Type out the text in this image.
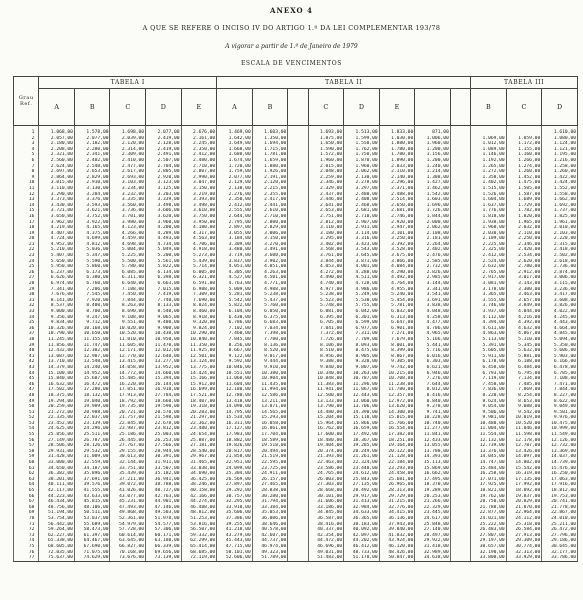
ANEXO 4
A QUE SE REFERE O INCISO IV DO ARTIGO 1.º DA LEI COMPLEMENTAR 193/78
A vigorar a partir de 1.º de Janeiro de 1979
ESCALA DE VENCIMENTOS
Grau
Ref.	TABELA I					TABELA II								TABELA III		
	A	B	C	D	E	A	B		C	D	E			B	C	D
1	1.068,00	1.578,00	1.698,00	2.077,00	2.676,00	1.469,00	1.603,00		1.693,00	1.513,00	1.833,00	871,00				1.610,00
2	2.057,00	2.077,00	2.039,00	2.419,00	2.161,00	1.642,00	1.350,00		1.875,00	1.599,00	1.030,00	1.006,00		1.069,00	1.059,00	1.080,00
3	2.180,00	2.182,00	2.120,00	2.128,00	2.245,00	1.649,00	1.694,00		1.650,00	1.550,00	1.880,00	1.960,00		1.012,00	1.172,00	1.124,00
4	2.208,00	2.280,00	2.314,00	2.419,00	2.350,00	1.668,00	1.715,00		1.590,00	1.762,00	1.780,00	1.200,00		1.089,00	1.155,00	1.121,00
5	2.321,00	2.341,00	2.309,00	2.491,00	2.412,00	1.680,00	1.781,00		1.572,00	1.750,00	1.780,00	1.156,00		1.146,00	1.160,00	1.195,00
6	2.560,00	2.402,00	2.410,00	2.507,00	2.480,00	1.674,00	1.659,00		1.960,00	1.870,00	1.890,00	1.200,00		1.192,00	1.266,00	1.216,00
7	2.624,00	2.540,00	2.477,00	2.704,00	2.710,00	1.720,00	1.880,00		2.015,00	1.960,00	2.033,00	1.240,00		1.265,00	1.274,00	1.258,00
8	2.697,00	2.653,00	2.617,00	2.805,00	2.807,00	1.759,00	1.926,00		2.048,00	2.062,00	2.110,00	1.214,00		1.272,00	1.260,00	1.260,00
9	2.864,00	2.829,00	2.693,00	2.920,00	2.990,00	2.077,00	2.191,00		2.259,00	2.130,00	2.140,00	1.308,00		1.358,00	1.452,00	1.422,00
10	3.015,00	2.910,00	3.103,00	3.123,00	3.047,00	2.129,00	2.120,00		2.346,00	2.278,00	2.296,00	1.427,00		1.402,00	1.475,00	1.424,00
11	3.110,00	3.130,00	3.234,00	3.125,00	3.150,00	2.138,00	2.215,00		2.329,00	3.297,00	2.371,00	1.462,00		1.515,00	1.505,00	1.552,00
12	3.290,00	3.284,00	3.232,00	3.203,00	3.219,00	2.276,00	2.355,00		2.437,00	2.480,00	2.488,00	1.542,00		1.526,00	1.587,00	1.558,00
13	3.373,00	3.376,00	3.335,00	3.339,00	3.393,00	2.350,00	2.417,00		2.446,00	2.408,00	2.514,00	1.603,00		1.604,00	1.689,00	1.662,00
14	3.430,00	3.593,00	3.560,00	3.498,00	3.498,00	2.412,00	2.441,00		2.641,00	2.468,00	2.650,00	1.696,00		1.637,00	1.729,00	1.692,00
15	3.721,00	3.621,00	3.736,00	3.606,00	3.610,00	2.555,00	2.610,00		2.653,00	2.681,00	2.681,00	1.726,00		1.776,00	1.782,00	1.737,00
16	3.650,00	3.752,00	3.701,00	3.620,00	3.750,00	2.644,00	2.710,00		2.751,00	2.710,00	2.746,00	1.844,00		1.818,00	1.820,00	1.825,00
17	3.962,00	3.922,00	3.980,00	3.960,00	3.950,00	2.795,00	2.800,00		2.812,00	2.907,00	2.920,00	2.000,00		1.938,00	1.965,00	1.961,00
18	4.219,00	4.165,00	4.123,00	4.200,00	4.180,00	2.897,00	2.829,00		3.110,00	2.911,00	2.947,00	2.062,00		1.968,00	2.032,00	2.010,00
19	4.407,00	4.375,00	4.266,00	4.289,00	4.317,00	3.055,00	3.006,00		3.180,00	3.114,00	3.101,00	2.108,00		2.030,00	2.110,00	2.103,00
20	4.724,00	4.699,00	4.459,00	4.493,00	4.563,00	3.184,00	3.150,00		3.295,00	3.316,00	3.250,00	2.181,00		2.109,00	2.250,00	2.220,00
21	4.952,00	4.812,00	4.698,00	4.734,00	4.706,00	3.309,00	3.270,00		3.402,00	3.423,00	3.392,00	2.264,00		2.225,00	2.346,00	2.315,00
22	5.210,00	5.036,00	5.004,00	5.049,00	4.918,00	3.480,00	3.491,00		3.568,00	3.543,00	3.528,00	2.402,00		2.325,00	2.420,00	2.418,00
23	5.407,00	5.347,00	5.225,00	5.200,00	5.273,00	3.719,00	3.600,00		3.761,00	3.645,00	3.675,00	2.476,00		2.412,00	2.534,00	2.502,00
24	5.650,00	5.590,00	5.500,00	5.561,00	5.439,00	3.837,00	3.902,00		3.844,00	3.871,00	3.866,00	2.585,00		2.524,00	2.620,00	2.618,00
25	5.950,00	5.860,00	5.780,00	5.822,00	5.714,00	4.051,00	4.051,00		4.053,00	4.001,00	4.084,00	2.732,00		2.632,00	2.780,00	2.736,00
26	6.237,00	6.173,00	6.085,00	6.134,00	6.005,00	4.305,00	4.263,00		4.272,00	4.288,00	4.290,00	2.826,00		2.765,00	2.912,00	2.874,00
27	6.626,00	6.380,00	6.311,00	6.398,00	6.321,00	4.527,00	4.501,00		4.490,00	4.511,00	4.492,00	2.985,00		2.917,00	3.017,00	3.006,00
28	6.974,00	6.760,00	6.640,00	6.663,00	6.591,00	4.763,00	4.771,00		4.740,00	4.728,00	4.764,00	3.144,00		3.081,00	3.143,00	3.115,00
29	7.341,00	7.206,00	7.188,00	7.015,00	6.988,00	5.009,00	4.988,00		4.977,00	4.986,00	4.955,00	3.341,00		3.178,00	3.300,00	3.236,00
30	7.676,00	7.545,00	7.450,00	7.419,00	7.309,00	5.281,00	5.238,00		5.238,00	5.249,00	5.240,00	3.541,00		3.365,00	3.463,00	3.417,00
31	8.141,00	7.920,00	7.844,00	7.740,00	7.690,00	5.542,00	5.437,00		5.523,00	5.530,00	5.454,00	3.691,00		3.555,00	3.657,00	3.608,00
32	8.537,00	8.400,00	8.263,00	8.133,00	8.024,00	5.822,00	5.760,00		5.748,00	5.755,00	5.781,00	3.838,00		3.746,00	3.849,00	3.826,00
33	9.000,00	8.700,00	8.690,00	8.540,00	8.460,00	6.104,00	6.050,00		6.081,00	6.042,00	6.032,00	4.048,00		3.937,00	4.044,00	4.022,00
34	9.356,00	9.247,00	9.108,00	9.065,00	8.918,00	6.430,00	6.375,00		6.395,00	6.301,00	6.313,00	4.258,00		4.112,00	4.216,00	4.245,00
35	9.834,00	9.712,00	9.551,00	9.480,00	9.320,00	6.786,00	6.683,00		6.705,00	6.599,00	6.647,00	4.477,00		4.394,00	4.392,00	4.443,00
36	10.326,00	10.168,00	10.020,00	9.900,00	9.824,00	7.102,00	7.034,00		7.041,00	6.977,00	6.901,00	4.706,00		4.611,00	4.632,00	4.664,00
37	10.790,00	10.650,00	10.520,00	10.430,00	10.290,00	7.460,00	7.398,00		7.372,00	7.311,00	7.271,00	4.965,00		4.863,00	4.867,00	4.845,00
38	11.245,00	11.155,00	11.010,00	10.950,00	10.840,00	7.845,00	7.780,00		7.726,00	7.709,00	7.679,00	5.166,00		5.113,00	5.110,00	5.094,00
39	11.856,00	11.747,00	11.605,00	11.470,00	11.350,00	8.256,00	8.136,00		8.106,00	8.093,00	8.001,00	5.441,00		5.391,00	5.345,00	5.350,00
40	12.432,00	12.302,00	12.171,00	12.012,00	11.925,00	8.667,00	8.520,00		8.510,00	8.475,00	8.399,00	5.716,00		5.605,00	5.632,00	5.606,00
41	13.087,00	12.907,00	12.770,00	12.640,00	12.501,00	9.122,00	9.017,00		8.956,00	8.905,00	8.867,00	6.016,00		5.911,00	5.881,00	5.903,00
42	13.710,00	13.540,00	13.415,00	13.277,00	13.124,00	9.592,00	9.444,00		9.388,00	9.320,00	9.305,00	6.303,00		6.178,00	6.188,00	6.166,00
43	14.379,00	14.240,00	14.058,00	13.952,00	13.775,00	10.046,00	9.910,00		9.840,00	9.807,00	9.742,00	6.621,00		6.458,00	6.484,00	6.478,00
44	15.100,00	14.952,00	14.772,00	14.660,00	14.424,00	10.551,00	10.380,00		10.340,00	10.263,00	10.215,00	6.946,00		6.793,00	6.795,00	6.785,00
45	15.840,00	15.687,00	15.485,00	15.394,00	15.166,00	11.060,00	10.904,00		10.848,00	10.787,00	10.708,00	7.276,00		7.119,00	7.134,00	7.108,00
46	16.632,00	16.472,00	16.220,00	16.144,00	15.912,00	11.604,00	11.435,00		11.383,00	11.296,00	11.238,00	7.644,00		7.458,00	7.485,00	7.471,00
47	17.502,00	17.280,00	17.051,00	16.918,00	16.699,00	12.180,00	11.994,00		11.941,00	11.867,00	11.780,00	8.012,00		7.836,00	7.869,00	7.844,00
48	18.375,00	18.132,00	17.913,00	17.784,00	17.521,00	12.780,00	12.586,00		12.500,00	12.443,00	12.357,00	8.416,00		8.220,00	8.254,00	8.227,00
49	19.294,00	19.040,00	18.792,00	18.660,00	18.407,00	13.418,00	13.211,00		13.133,00	13.060,00	12.972,00	8.840,00		8.624,00	8.653,00	8.622,00
50	20.259,00	19.989,00	19.735,00	19.590,00	19.318,00	14.090,00	13.871,00		13.790,00	13.706,00	13.620,00	9.278,00		9.054,00	9.088,00	9.049,00
51	21.272,00	20.988,00	20.721,00	20.570,00	20.283,00	14.795,00	14.565,00		14.480,00	14.390,00	14.300,00	9.741,00		9.506,00	9.542,00	9.501,00
52	22.335,00	22.037,00	21.757,00	21.598,00	21.297,00	15.534,00	15.293,00		15.204,00	15.110,00	15.015,00	10.228,00		9.981,00	10.019,00	9.976,00
53	23.452,00	23.139,00	22.845,00	22.678,00	22.362,00	16.311,00	16.058,00		15.964,00	15.866,00	15.766,00	10.740,00		10.480,00	10.520,00	10.475,00
54	24.625,00	24.296,00	23.987,00	23.812,00	23.480,00	17.127,00	16.861,00		16.762,00	16.659,00	16.554,00	11.277,00		11.004,00	11.046,00	10.999,00
55	25.856,00	25.511,00	25.186,00	25.003,00	24.654,00	17.983,00	17.704,00		17.600,00	17.492,00	17.382,00	11.841,00		11.554,00	11.598,00	11.549,00
56	27.149,00	26.787,00	26.445,00	26.253,00	25.887,00	18.882,00	18.589,00		18.480,00	18.367,00	18.251,00	12.433,00		12.132,00	12.178,00	12.126,00
57	28.506,00	28.126,00	27.767,00	27.566,00	27.181,00	19.826,00	19.518,00		19.404,00	19.285,00	19.164,00	13.055,00		12.739,00	12.787,00	12.732,00
58	29.931,00	29.532,00	29.155,00	28.944,00	28.540,00	20.817,00	20.494,00		20.374,00	20.249,00	20.122,00	13.708,00		13.376,00	13.426,00	13.369,00
59	31.428,00	31.009,00	30.613,00	30.391,00	29.967,00	21.858,00	21.519,00		21.393,00	21.261,00	21.128,00	14.393,00		14.045,00	14.097,00	14.037,00
60	33.000,00	32.559,00	32.144,00	31.911,00	31.465,00	22.951,00	22.595,00		22.463,00	22.324,00	22.184,00	15.113,00		14.747,00	14.802,00	14.739,00
61	34.650,00	34.187,00	33.751,00	33.507,00	33.038,00	24.099,00	23.725,00		23.586,00	23.440,00	23.293,00	15.869,00		15.484,00	15.542,00	15.476,00
62	36.382,00	35.896,00	35.439,00	35.182,00	34.690,00	25.304,00	24.911,00		24.765,00	24.612,00	24.458,00	16.662,00		16.258,00	16.319,00	16.250,00
63	38.201,00	37.691,00	37.211,00	36.941,00	36.425,00	26.569,00	26.157,00		26.003,00	25.843,00	25.681,00	17.495,00		17.071,00	17.135,00	17.063,00
64	40.111,00	39.576,00	39.072,00	38.788,00	38.246,00	27.897,00	27.465,00		27.303,00	27.135,00	26.965,00	18.370,00		17.925,00	17.992,00	17.916,00
65	42.117,00	41.555,00	41.026,00	40.727,00	40.158,00	29.292,00	28.838,00		28.668,00	28.492,00	28.313,00	19.289,00		18.821,00	18.892,00	18.812,00
66	44.223,00	43.633,00	43.077,00	42.763,00	42.166,00	30.757,00	30.280,00		30.101,00	29.917,00	29.729,00	20.253,00		19.762,00	19.837,00	19.753,00
67	46.434,00	45.815,00	45.231,00	44.901,00	44.274,00	32.295,00	31.794,00		31.606,00	31.413,00	31.215,00	21.266,00		20.750,00	20.829,00	20.741,00
68	48.756,00	48.106,00	47.493,00	47.146,00	46.488,00	33.910,00	33.384,00		33.186,00	32.984,00	32.776,00	22.329,00		21.788,00	21.870,00	21.778,00
69	51.194,00	50.511,00	49.868,00	49.503,00	48.812,00	35.606,00	35.053,00		34.845,00	34.633,00	34.415,00	23.445,00		22.877,00	22.964,00	22.867,00
70	53.754,00	53.037,00	52.361,00	51.978,00	51.253,00	37.386,00	36.806,00		36.587,00	36.365,00	36.136,00	24.617,00		24.021,00	24.112,00	24.010,00
71	56.442,00	55.689,00	54.979,00	54.577,00	53.816,00	39.255,00	38.646,00		38.416,00	38.183,00	37.943,00	25.848,00		25.222,00	25.318,00	25.211,00
72	59.264,00	58.473,00	57.728,00	57.306,00	56.507,00	41.218,00	40.578,00		40.337,00	40.092,00	39.840,00	27.140,00		26.483,00	26.584,00	26.472,00
73	62.227,00	61.397,00	60.614,00	60.171,00	59.332,00	43.279,00	42.607,00		42.354,00	42.097,00	41.832,00	28.497,00		27.807,00	27.913,00	27.796,00
74	65.338,00	64.467,00	63.645,00	63.180,00	62.299,00	45.443,00	44.737,00		44.472,00	44.202,00	43.924,00	29.922,00		29.197,00	29.309,00	29.186,00
75	68.605,00	67.690,00	66.827,00	66.339,00	65.414,00	47.715,00	46.974,00		46.696,00	46.412,00	46.120,00	31.418,00		30.657,00	30.774,00	30.645,00
76	72.035,00	71.075,00	70.168,00	69.656,00	68.685,00	50.101,00	49.323,00		49.031,00	48.733,00	48.426,00	32.989,00		32.190,00	32.313,00	32.177,00
77	75.637,00	74.629,00	73.676,00	73.139,00	72.119,00	52.606,00	51.789,00		51.483,00	51.170,00	50.847,00	34.638,00		33.800,00	33.929,00	33.786,00
